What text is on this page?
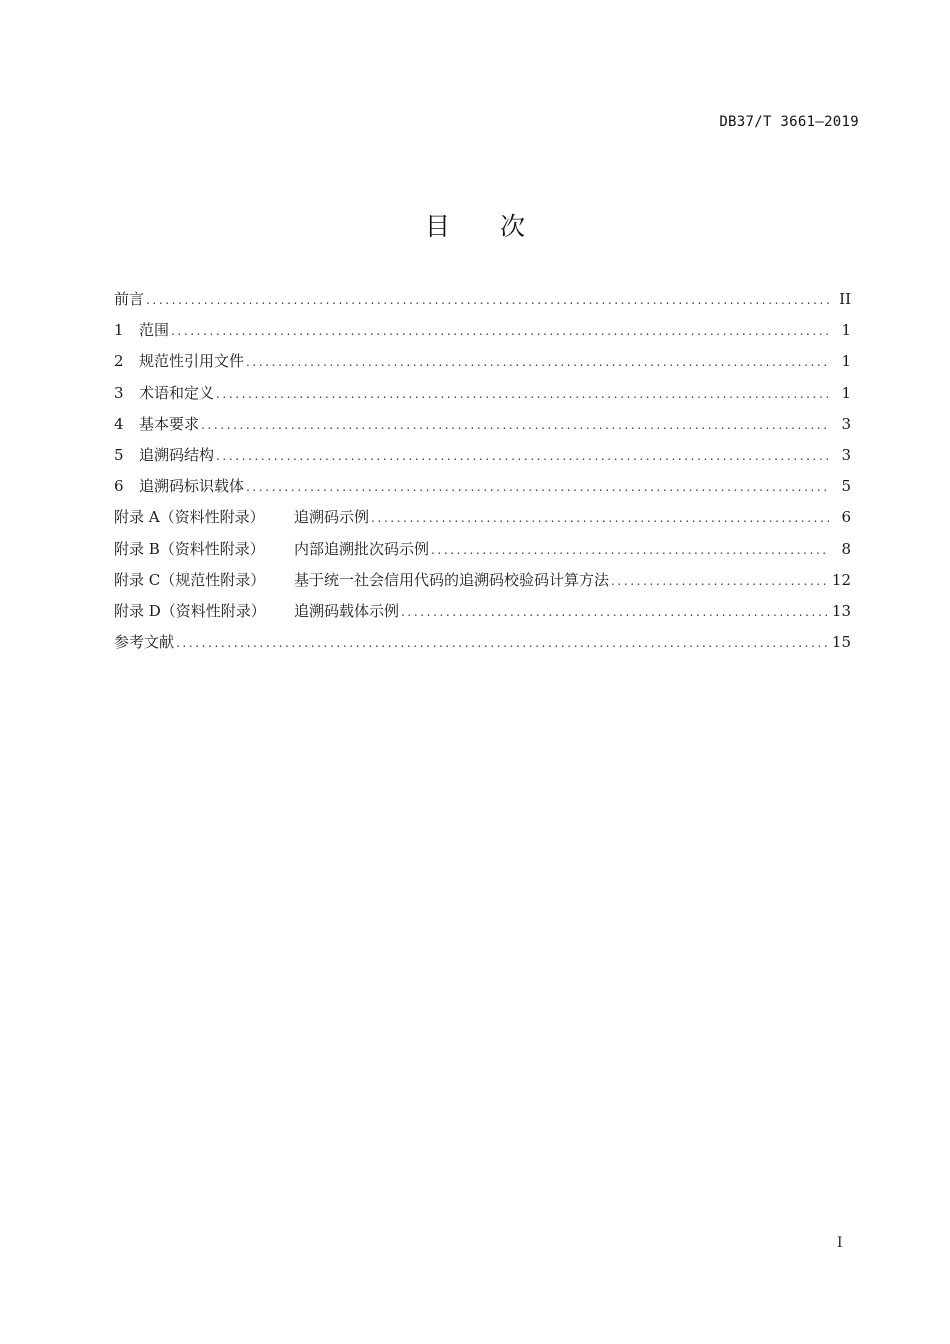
DB37/T 3661—2019
目次
前言 .....	II
1 范围 .....	1
2 规范性引用文件 .....	1
3 术语和定义 .....	1
4 基本要求 .....	3
5 追溯码结构 .....	3
6 追溯码标识载体 .....	5
附录 A（资料性附录） 追溯码示例 .....	6
附录 B（资料性附录） 内部追溯批次码示例 .....	8
附录 C（规范性附录） 基于统一社会信用代码的追溯码校验码计算方法 .....	12
附录 D（资料性附录） 追溯码载体示例 .....	13
参考文献 .....	15
I
